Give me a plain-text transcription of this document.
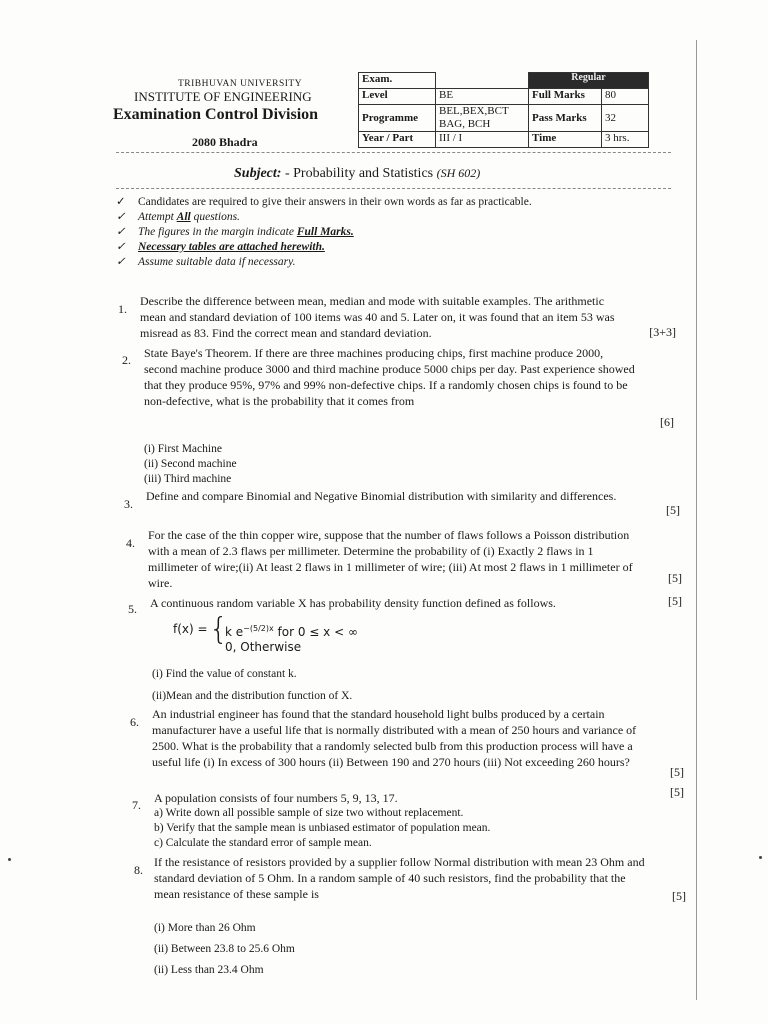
TRIBHUVAN UNIVERSITY
INSTITUTE OF ENGINEERING
Examination Control Division
2080 Bhadra
Exam.		Regular	
Level	BE	Full Marks	80
Programme	BEL,BEX,BCT BAG, BCH	Pass Marks	32
Year / Part	III / I	Time	3 hrs.
Subject: - Probability and Statistics (SH 602)
✓ Candidates are required to give their answers in their own words as far as practicable.
✓ Attempt All questions.
✓ The figures in the margin indicate Full Marks.
✓ Necessary tables are attached herewith.
✓ Assume suitable data if necessary.
1.
Describe the difference between mean, median and mode with suitable examples. The arithmetic mean and standard deviation of 100 items was 40 and 5. Later on, it was found that an item 53 was misread as 83. Find the correct mean and standard deviation.	[3+3]
2.	State Baye's Theorem. If there are three machines producing chips, first machine produce 2000, second machine produce 3000 and third machine produce 5000 chips per day. Past experience showed that they produce 95%, 97% and 99% non-defective chips. If a randomly chosen chips is found to be non-defective, what is the probability that it comes from
(i) First Machine
(ii) Second machine
(iii) Third machine
[6]
3.
Define and compare Binomial and Negative Binomial distribution with similarity and differences.
[5]
4.
For the case of the thin copper wire, suppose that the number of flaws follows a Poisson distribution with a mean of 2.3 flaws per millimeter. Determine the probability of (i) Exactly 2 flaws in 1 millimeter of wire;(ii) At least 2 flaws in 1 millimeter of wire; (iii) At most 2 flaws in 1 millimeter of wire.	[5]
5.	A continuous random variable X has probability density function defined as follows.	[5]
f(x) = {
k $e^{-(5/2)x}$ for 0 ≤ x < ∞
0, Otherwise
(i) Find the value of constant k.
(ii)Mean and the distribution function of X.
6.
An industrial engineer has found that the standard household light bulbs produced by a certain manufacturer have a useful life that is normally distributed with a mean of 250 hours and variance of 2500. What is the probability that a randomly selected bulb from this production process will have a useful life (i) In excess of 300 hours (ii) Between 190 and 270 hours (iii) Not exceeding 260 hours?
[5]
7.	A population consists of four numbers 5, 9, 13, 17.
a) Write down all possible sample of size two without replacement.
b) Verify that the sample mean is unbiased estimator of population mean.
c) Calculate the standard error of sample mean.
[5]
8.
If the resistance of resistors provided by a supplier follow Normal distribution with mean 23 Ohm and standard deviation of 5 Ohm. In a random sample of 40 such resistors, find the probability that the mean resistance of these sample is
(i) More than 26 Ohm
(ii) Between 23.8 to 25.6 Ohm
(ii) Less than 23.4 Ohm
[5]
